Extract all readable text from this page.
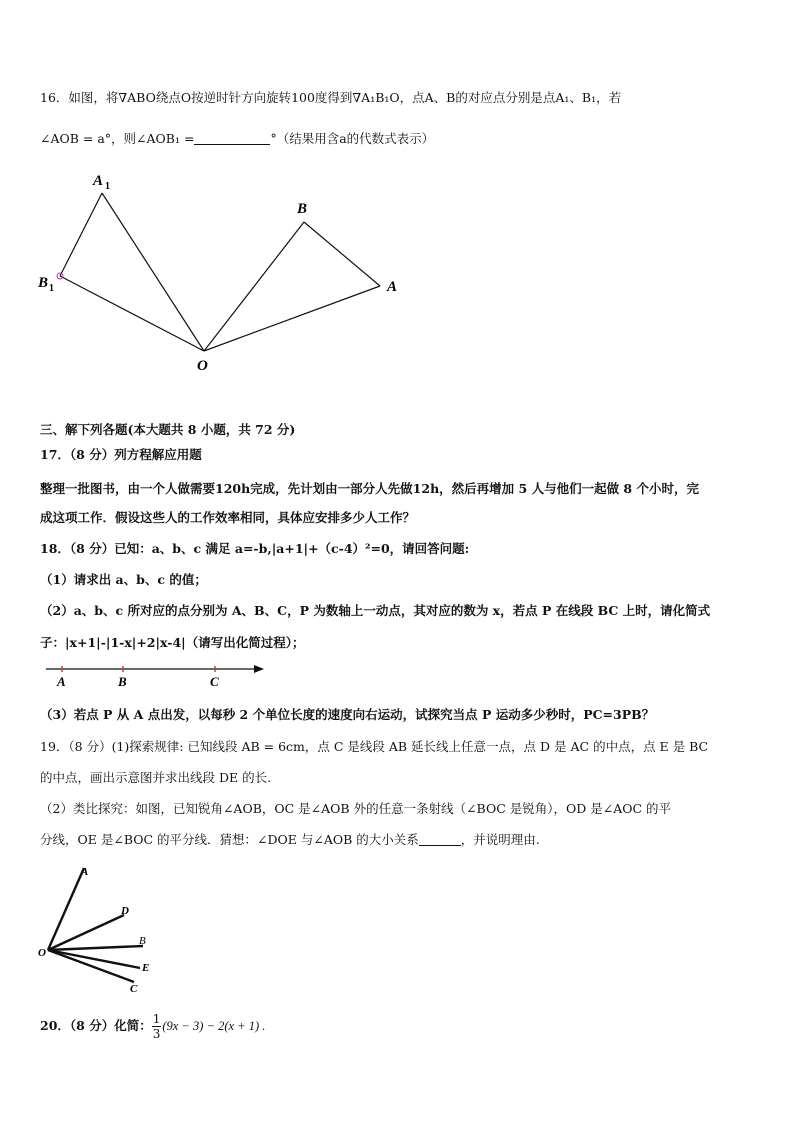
16．如图，将∇ABO绕点O按逆时针方向旋转100度得到∇A₁B₁O，点A、B的对应点分别是点A₁、B₁，若
∠AOB = a°，则∠AOB₁ =	°（结果用含a的代数式表示）
A 1
B
B 1	A
O
三、解下列各题(本大题共 8 小题，共 72 分)
17．（8 分）列方程解应用题
整理一批图书，由一个人做需要120h完成，先计划由一部分人先做12h，然后再增加 5 人与他们一起做 8 个小时，完
成这项工作．假设这些人的工作效率相同，具体应安排多少人工作？
18．（8 分）已知：a、b、c 满足 a=-b,|a+1|+（c-4）²=0，请回答问题:
（1）请求出 a、b、c 的值；
（2）a、b、c 所对应的点分别为 A、B、C，P 为数轴上一动点，其对应的数为 x，若点 P 在线段 BC 上时，请化简式
子：|x+1|-|1-x|+2|x-4|（请写出化简过程）；
A	B	C
（3）若点 P 从 A 点出发，以每秒 2 个单位长度的速度向右运动，试探究当点 P 运动多少秒时，PC=3PB？
19．（8 分）(1)探索规律: 已知线段 AB = 6cm，点 C 是线段 AB 延长线上任意一点，点 D 是 AC 的中点，点 E 是 BC
的中点，画出示意图并求出线段 DE 的长.
（2）类比探究：如图，已知锐角∠AOB，OC 是∠AOB 外的任意一条射线（∠BOC 是锐角），OD 是∠AOC 的平
分线，OE 是∠BOC 的平分线．猜想：∠DOE 与∠AOB 的大小关系	，并说明理由.
A
D
B
E
C
O
20．（8 分）化简： $\frac{1}{3} (9x - 3) - 2(x + 1)$ .
